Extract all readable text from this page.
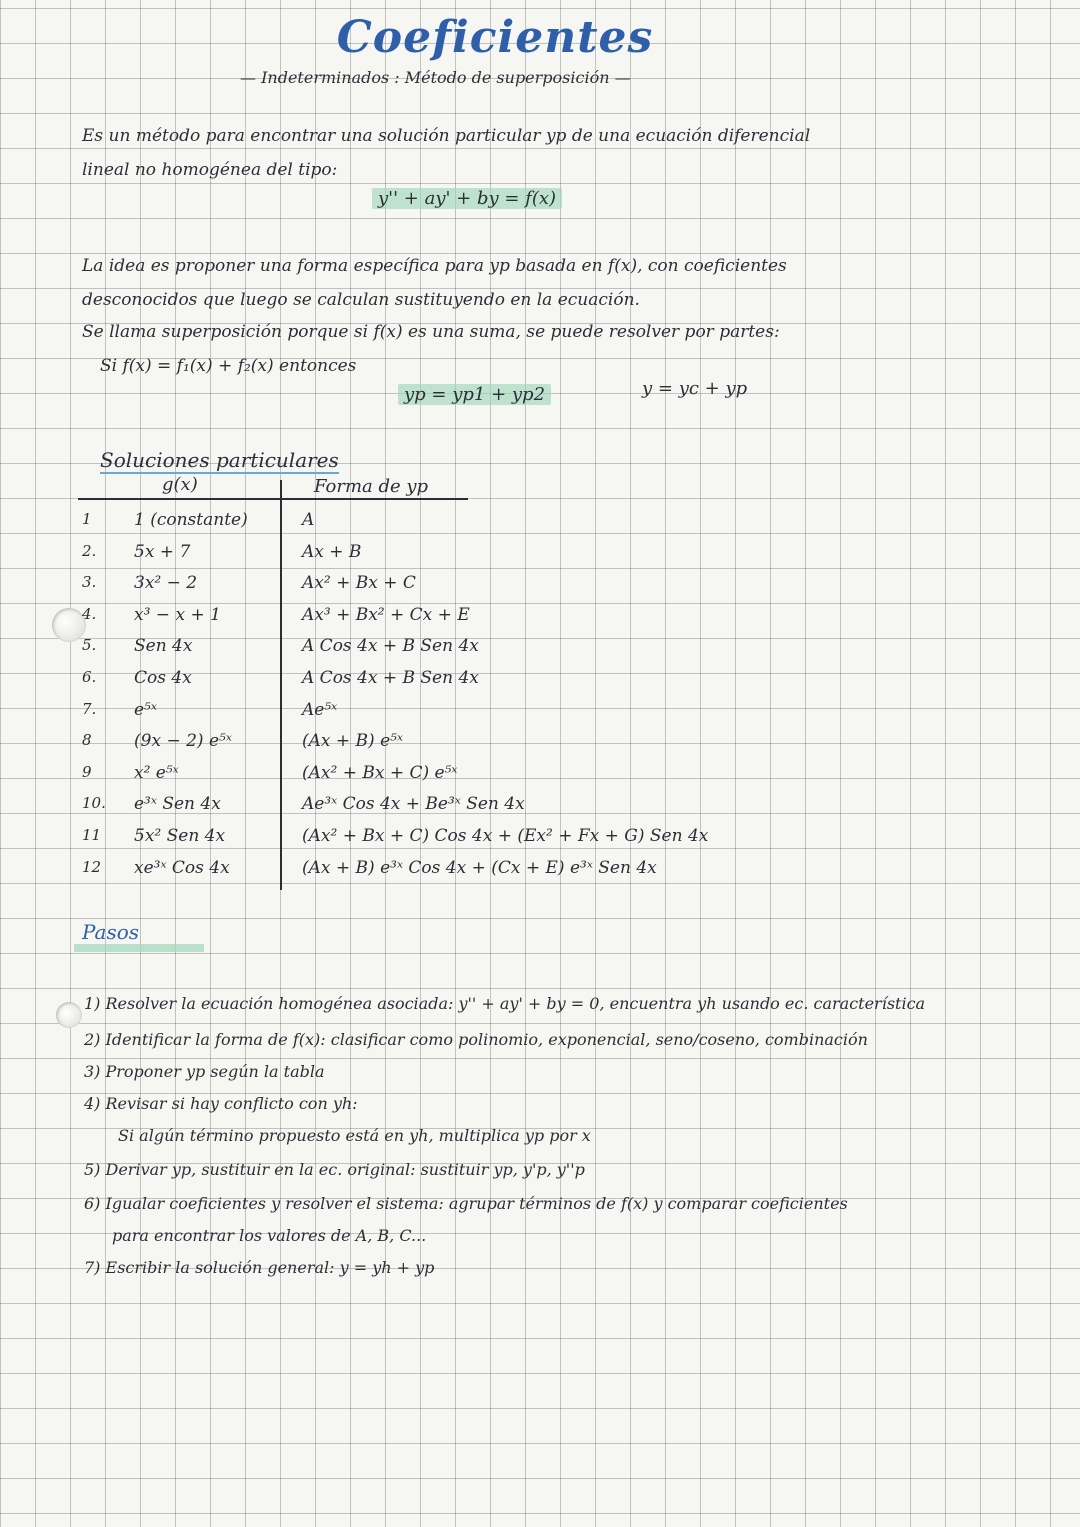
Coeficientes
— Indeterminados : Método de superposición —
Es un método para encontrar una solución particular yp de una ecuación diferencial
lineal no homogénea del tipo:
y'' + ay' + by = f(x)
La idea es proponer una forma específica para yp basada en f(x), con coeficientes
desconocidos que luego se calculan sustituyendo en la ecuación.
Se llama superposición porque si f(x) es una suma, se puede resolver por partes:
Si f(x) = f₁(x) + f₂(x) entonces
yp = yp1 + yp2	y = yc + yp
Soluciones particulares
g(x)	Forma de yp
1	1 (constante)	A
2.	5x + 7	Ax + B
3.	3x² − 2	Ax² + Bx + C
4.	x³ − x + 1	Ax³ + Bx² + Cx + E
5.	Sen 4x	A Cos 4x + B Sen 4x
6.	Cos 4x	A Cos 4x + B Sen 4x
7.	e⁵ˣ	Ae⁵ˣ
8	(9x − 2) e⁵ˣ	(Ax + B) e⁵ˣ
9	x² e⁵ˣ	(Ax² + Bx + C) e⁵ˣ
10.	e³ˣ Sen 4x	Ae³ˣ Cos 4x + Be³ˣ Sen 4x
11	5x² Sen 4x	(Ax² + Bx + C) Cos 4x + (Ex² + Fx + G) Sen 4x
12	xe³ˣ Cos 4x	(Ax + B) e³ˣ Cos 4x + (Cx + E) e³ˣ Sen 4x
Pasos
1) Resolver la ecuación homogénea asociada: y'' + ay' + by = 0, encuentra yh usando ec. característica
2) Identificar la forma de f(x): clasificar como polinomio, exponencial, seno/coseno, combinación
3) Proponer yp según la tabla
4) Revisar si hay conflicto con yh:
Si algún término propuesto está en yh, multiplica yp por x
5) Derivar yp, sustituir en la ec. original: sustituir yp, y'p, y''p
6) Igualar coeficientes y resolver el sistema: agrupar términos de f(x) y comparar coeficientes
para encontrar los valores de A, B, C...
7) Escribir la solución general: y = yh + yp
